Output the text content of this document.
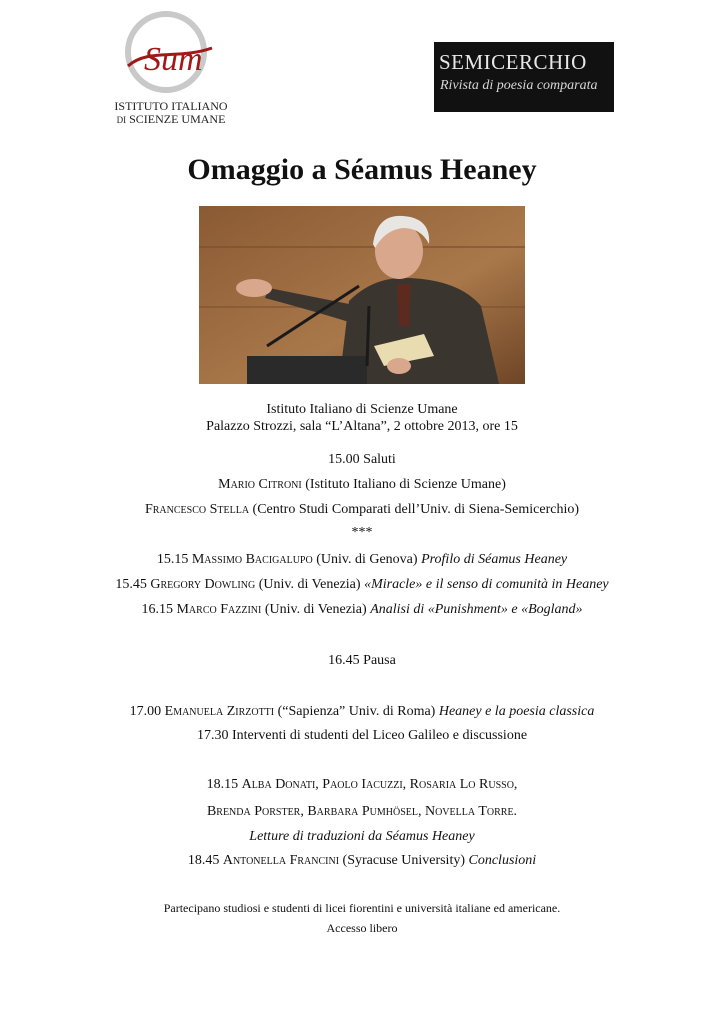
Sum
ISTITUTO ITALIANO
DI SCIENZE UMANE
SEMICERCHIO
Rivista di poesia comparata
Omaggio a Séamus Heaney
Istituto Italiano di Scienze Umane
Palazzo Strozzi, sala “L’Altana”, 2 ottobre 2013, ore 15
15.00 Saluti
Mario Citroni (Istituto Italiano di Scienze Umane)
Francesco Stella (Centro Studi Comparati dell’Univ. di Siena-Semicerchio)
***
15.15 Massimo Bacigalupo (Univ. di Genova) Profilo di Séamus Heaney
15.45 Gregory Dowling (Univ. di Venezia) «Miracle» e il senso di comunità in Heaney
16.15 Marco Fazzini (Univ. di Venezia) Analisi di «Punishment» e «Bogland»
16.45 Pausa
17.00 Emanuela Zirzotti (“Sapienza” Univ. di Roma) Heaney e la poesia classica
17.30 Interventi di studenti del Liceo Galileo e discussione
18.15 Alba Donati, Paolo Iacuzzi, Rosaria Lo Russo,
Brenda Porster, Barbara Pumhösel, Novella Torre.
Letture di traduzioni da Séamus Heaney
18.45 Antonella Francini (Syracuse University) Conclusioni
Partecipano studiosi e studenti di licei fiorentini e università italiane ed americane.
Accesso libero
